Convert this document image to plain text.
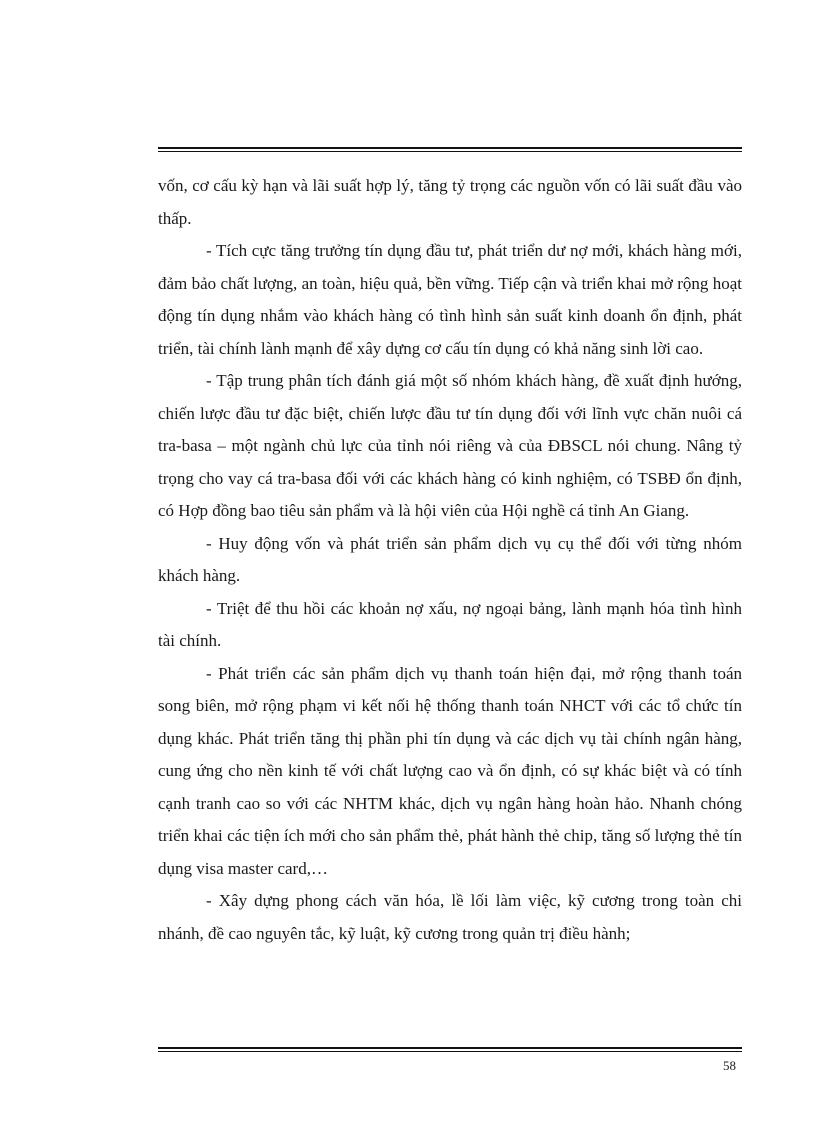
vốn, cơ cấu kỳ hạn và lãi suất hợp lý, tăng tỷ trọng các nguồn vốn có lãi suất đầu vào thấp.

- Tích cực tăng trưởng tín dụng đầu tư, phát triển dư nợ mới, khách hàng mới, đảm bảo chất lượng, an toàn, hiệu quả, bền vững. Tiếp cận và triển khai mở rộng hoạt động tín dụng nhắm vào khách hàng có tình hình sản suất kinh doanh ổn định, phát triển, tài chính lành mạnh để xây dựng cơ cấu tín dụng có khả năng sinh lời cao.

- Tập trung phân tích đánh giá một số nhóm khách hàng, đề xuất định hướng, chiến lược đầu tư đặc biệt, chiến lược đầu tư tín dụng đối với lĩnh vực chăn nuôi cá tra-basa – một ngành chủ lực của tỉnh nói riêng và của ĐBSCL nói chung. Nâng tỷ trọng cho vay cá tra-basa đối với các khách hàng có kinh nghiệm, có TSBĐ ổn định, có Hợp đồng bao tiêu sản phẩm và là hội viên của Hội nghề cá tỉnh An Giang.

- Huy động vốn và phát triển sản phẩm dịch vụ cụ thể đối với từng nhóm khách hàng.

- Triệt để thu hồi các khoản nợ xấu, nợ ngoại bảng, lành mạnh hóa tình hình tài chính.

- Phát triển các sản phẩm dịch vụ thanh toán hiện đại, mở rộng thanh toán song biên, mở rộng phạm vi kết nối hệ thống thanh toán NHCT với các tổ chức tín dụng khác. Phát triển tăng thị phần phi tín dụng và các dịch vụ tài chính ngân hàng, cung ứng cho nền kinh tế với chất lượng cao và ổn định, có sự khác biệt và có tính cạnh tranh cao so với các NHTM khác, dịch vụ ngân hàng hoàn hảo. Nhanh chóng triển khai các tiện ích mới cho sản phẩm thẻ, phát hành thẻ chip, tăng số lượng thẻ tín dụng visa master card,…

- Xây dựng phong cách văn hóa, lề lối làm việc, kỹ cương trong toàn chi nhánh, đề cao nguyên tắc, kỹ luật, kỹ cương trong quản trị điều hành;

58
